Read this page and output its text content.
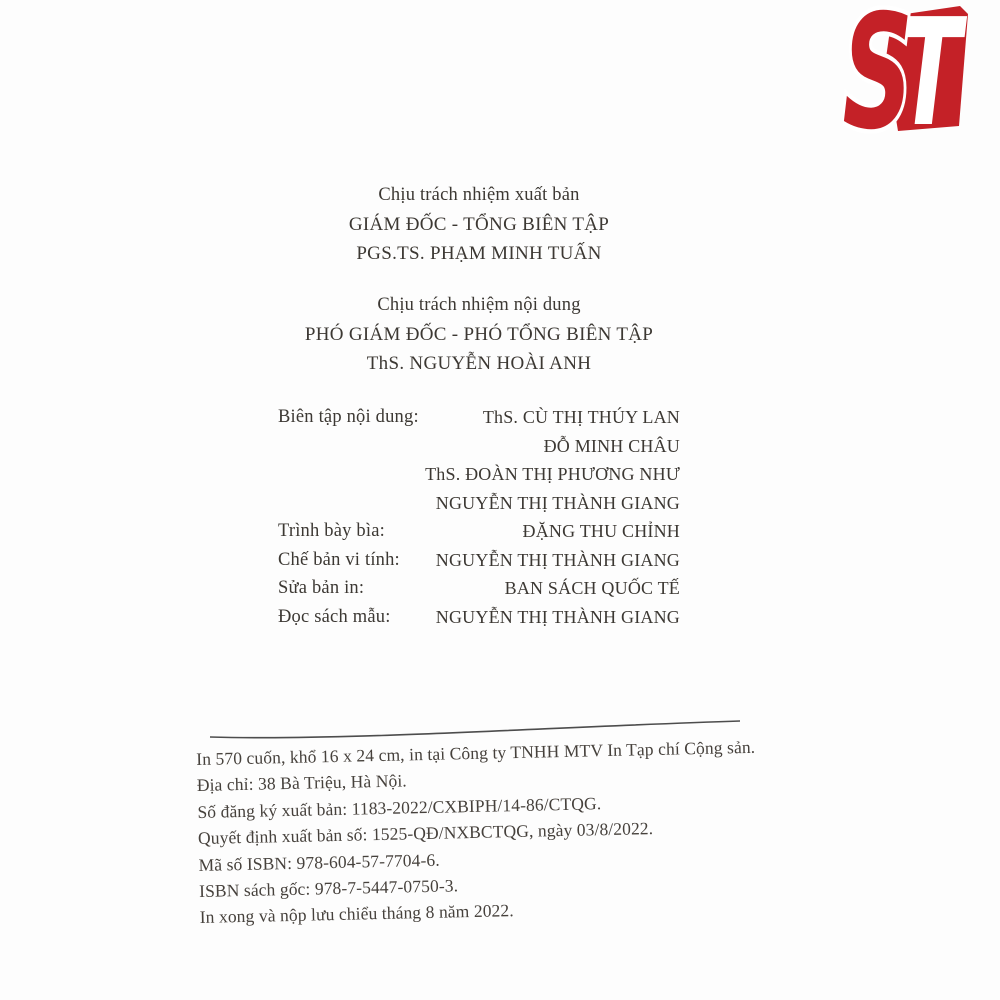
T
S
Chịu trách nhiệm xuất bản
GIÁM ĐỐC - TỔNG BIÊN TẬP
PGS.TS. PHẠM MINH TUẤN
Chịu trách nhiệm nội dung
PHÓ GIÁM ĐỐC - PHÓ TỔNG BIÊN TẬP
ThS. NGUYỄN HOÀI ANH
Biên tập nội dung:	ThS. CÙ THỊ THÚY LAN
ĐỖ MINH CHÂU
ThS. ĐOÀN THỊ PHƯƠNG NHƯ
NGUYỄN THỊ THÀNH GIANG
Trình bày bìa:	ĐẶNG THU CHỈNH
Chế bản vi tính:	NGUYỄN THỊ THÀNH GIANG
Sửa bản in:	BAN SÁCH QUỐC TẾ
Đọc sách mẫu:	NGUYỄN THỊ THÀNH GIANG
In 570 cuốn, khổ 16 x 24 cm, in tại Công ty TNHH MTV In Tạp chí Cộng sản.
Địa chỉ: 38 Bà Triệu, Hà Nội.
Số đăng ký xuất bản: 1183-2022/CXBIPH/14-86/CTQG.
Quyết định xuất bản số: 1525-QĐ/NXBCTQG, ngày 03/8/2022.
Mã số ISBN: 978-604-57-7704-6.
ISBN sách gốc: 978-7-5447-0750-3.
In xong và nộp lưu chiểu tháng 8 năm 2022.
